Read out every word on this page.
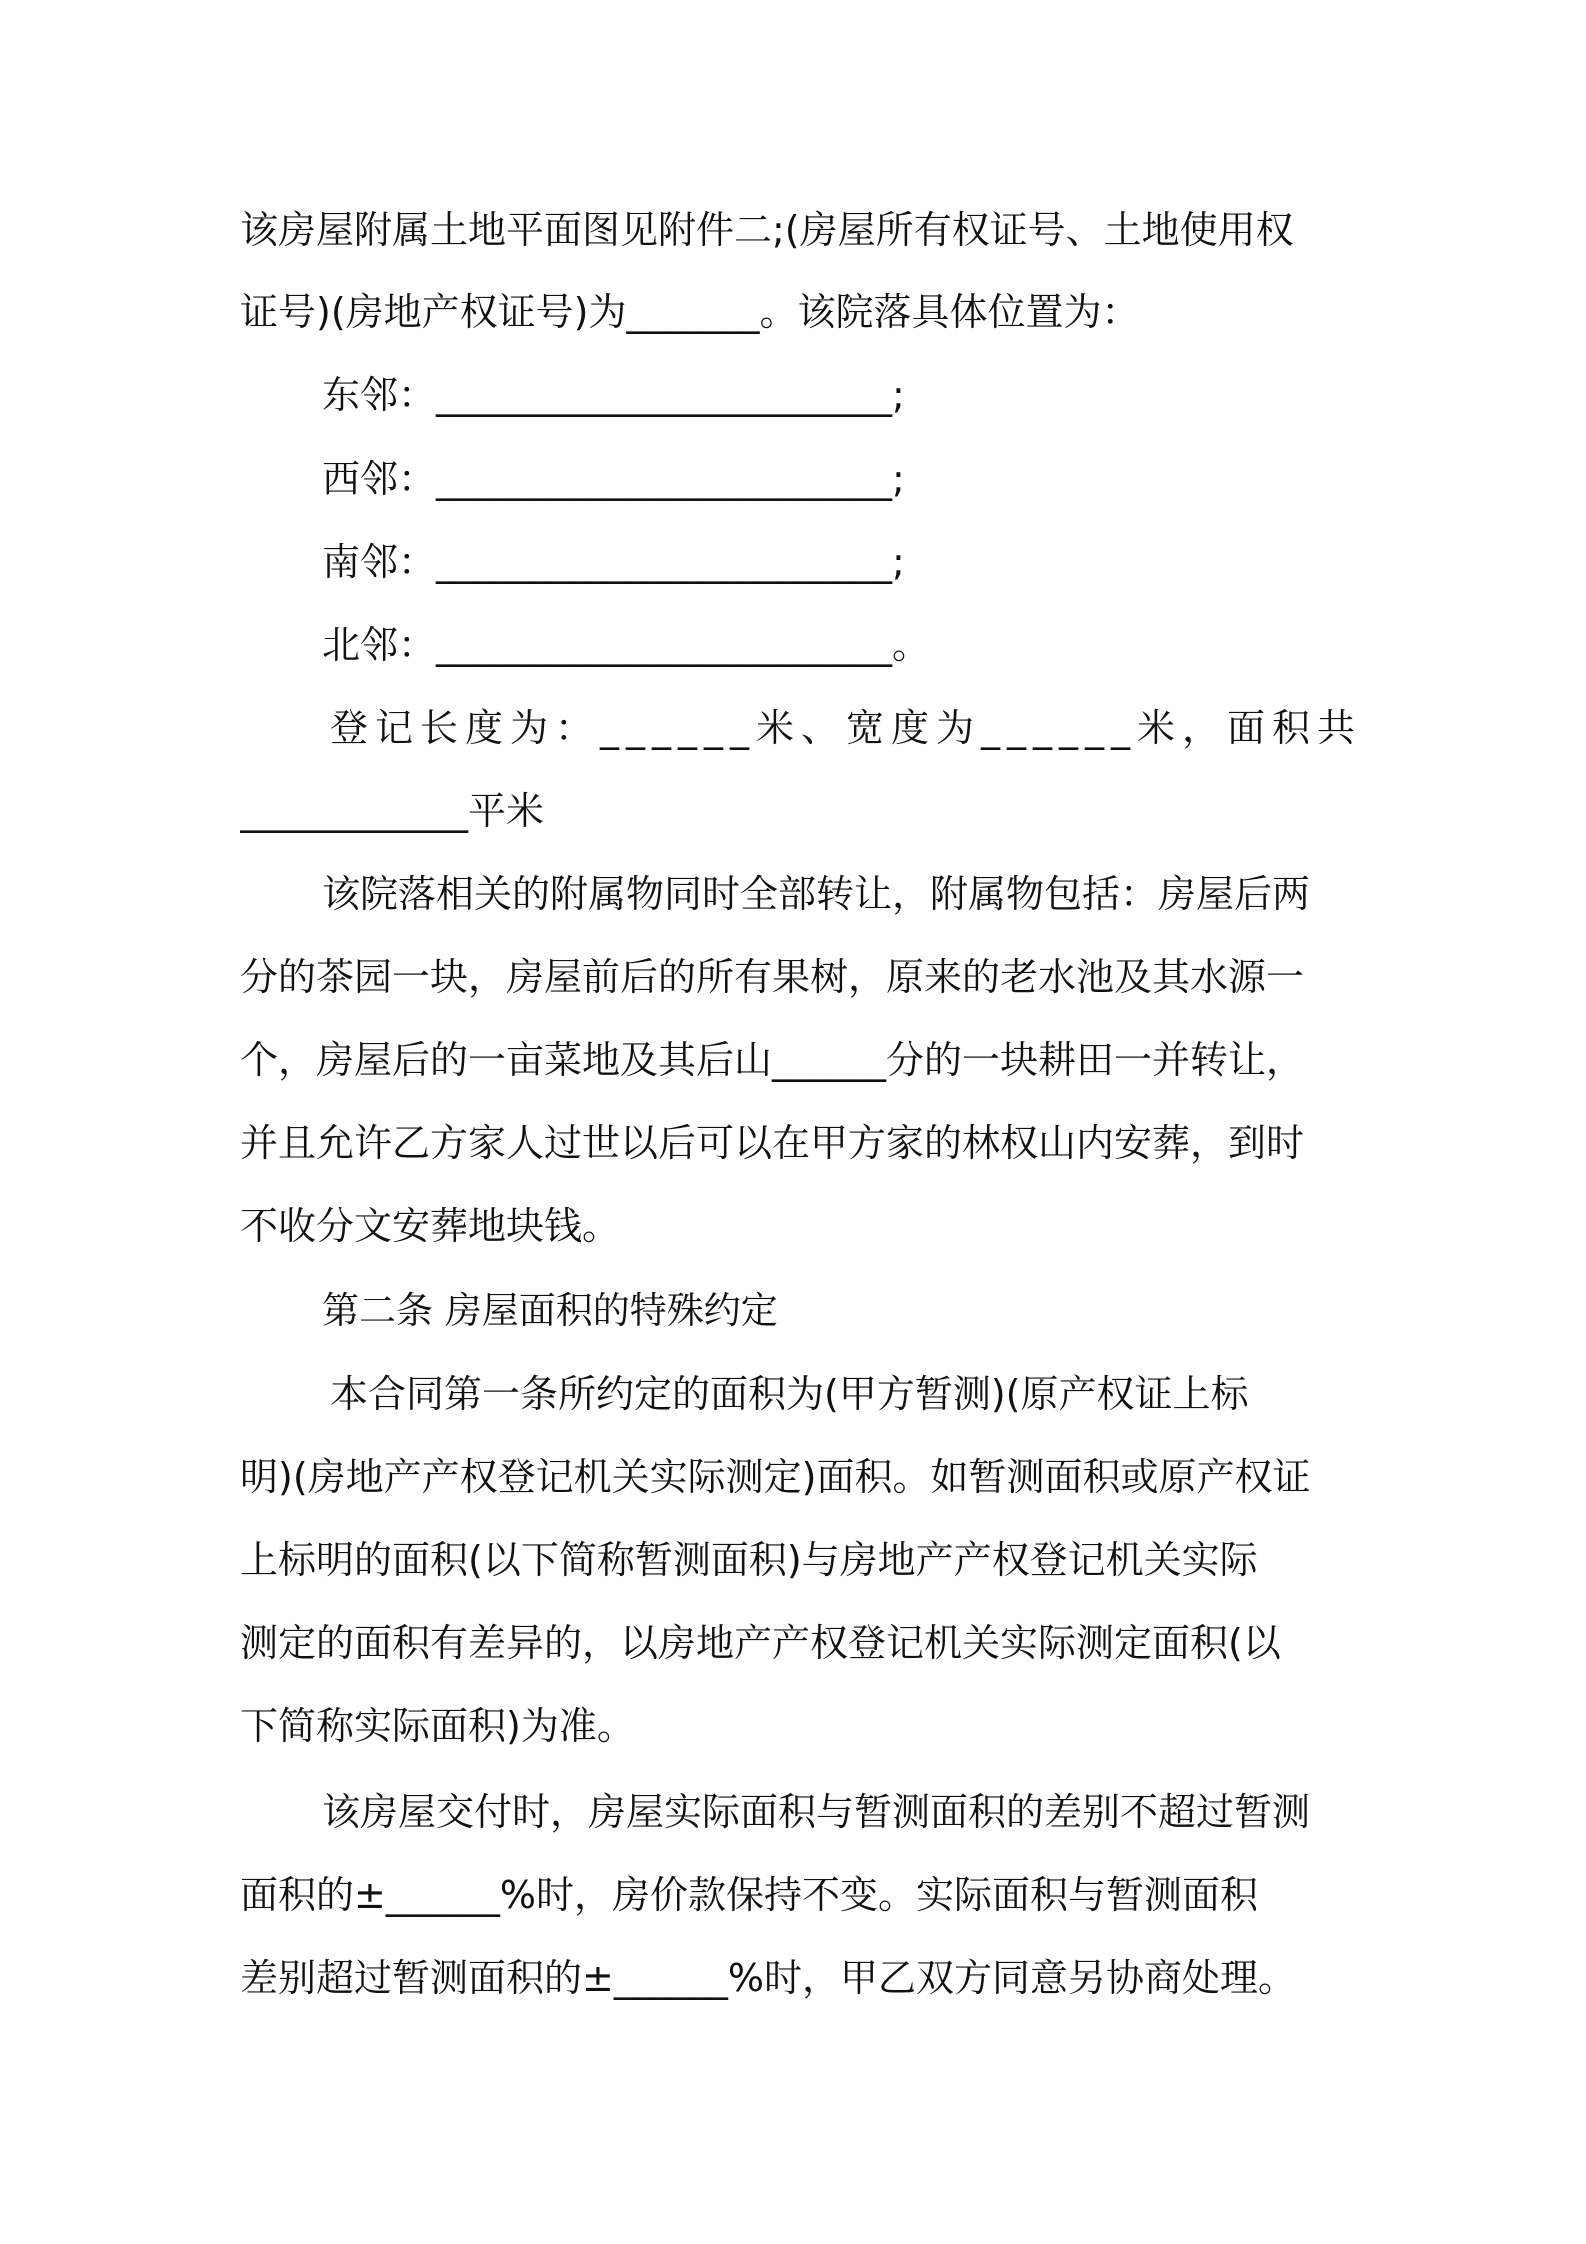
该房屋附属土地平面图见附件二;(房屋所有权证号、土地使用权
证号)(房地产权证号)为_______。该院落具体位置为：
东邻：________________________;
西邻：________________________;
南邻：________________________;
北邻：________________________。
登记长度为：______米、宽度为______米，面积共
____________平米
该院落相关的附属物同时全部转让，附属物包括：房屋后两
分的茶园一块，房屋前后的所有果树，原来的老水池及其水源一
个，房屋后的一亩菜地及其后山______分的一块耕田一并转让，
并且允许乙方家人过世以后可以在甲方家的林权山内安葬，到时
不收分文安葬地块钱。
第二条 房屋面积的特殊约定
本合同第一条所约定的面积为(甲方暂测)(原产权证上标
明)(房地产产权登记机关实际测定)面积。如暂测面积或原产权证
上标明的面积(以下简称暂测面积)与房地产产权登记机关实际
测定的面积有差异的，以房地产产权登记机关实际测定面积(以
下简称实际面积)为准。
该房屋交付时，房屋实际面积与暂测面积的差别不超过暂测
面积的±______%时，房价款保持不变。实际面积与暂测面积
差别超过暂测面积的±______%时，甲乙双方同意另协商处理。
